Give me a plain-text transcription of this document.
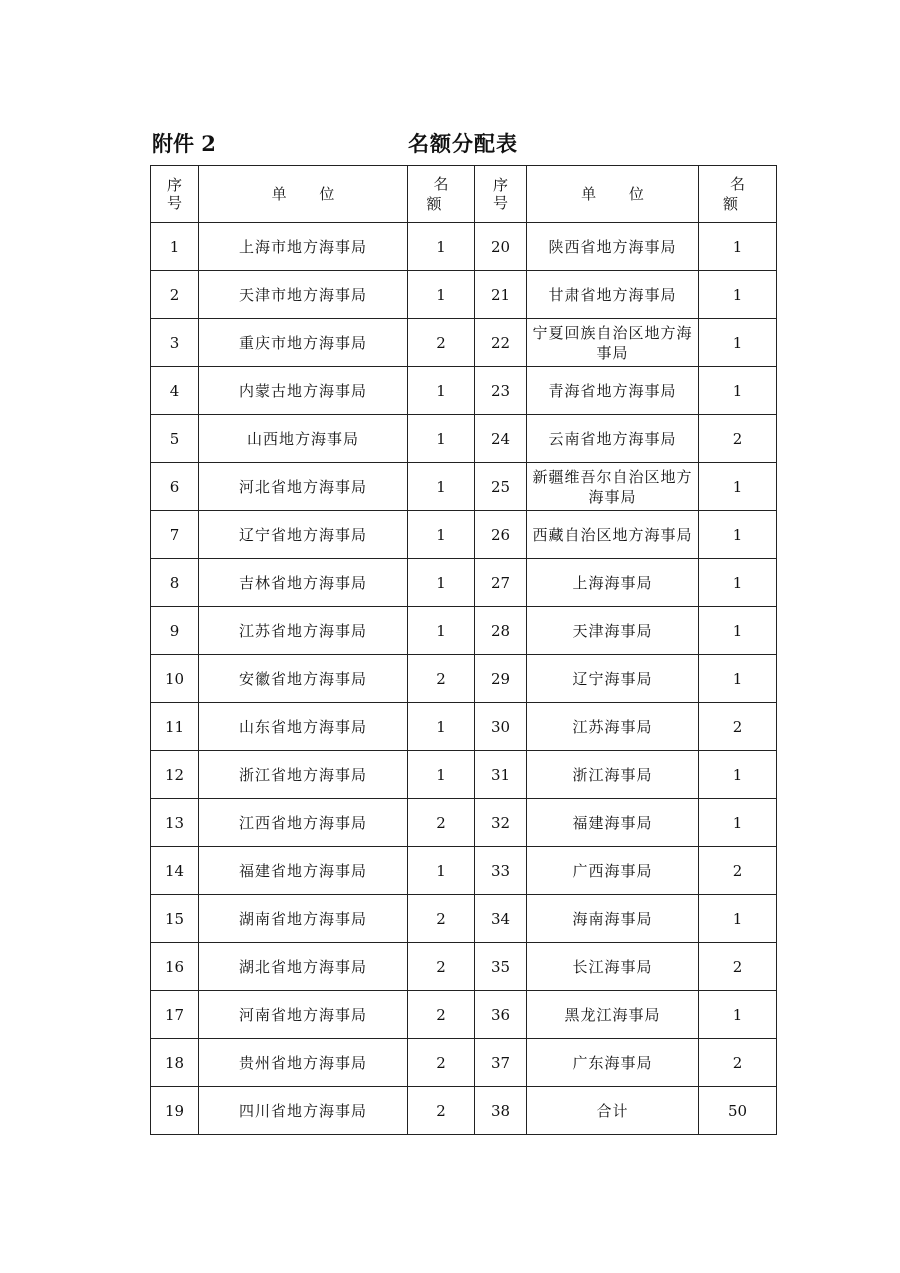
附件 2	名额分配表
序号	单 位	名 额	序号	单 位	名 额
1	上海市地方海事局	1	20	陕西省地方海事局	1
2	天津市地方海事局	1	21	甘肃省地方海事局	1
3	重庆市地方海事局	2	22	宁夏回族自治区地方海事局	1
4	内蒙古地方海事局	1	23	青海省地方海事局	1
5	山西地方海事局	1	24	云南省地方海事局	2
6	河北省地方海事局	1	25	新疆维吾尔自治区地方海事局	1
7	辽宁省地方海事局	1	26	西藏自治区地方海事局	1
8	吉林省地方海事局	1	27	上海海事局	1
9	江苏省地方海事局	1	28	天津海事局	1
10	安徽省地方海事局	2	29	辽宁海事局	1
11	山东省地方海事局	1	30	江苏海事局	2
12	浙江省地方海事局	1	31	浙江海事局	1
13	江西省地方海事局	2	32	福建海事局	1
14	福建省地方海事局	1	33	广西海事局	2
15	湖南省地方海事局	2	34	海南海事局	1
16	湖北省地方海事局	2	35	长江海事局	2
17	河南省地方海事局	2	36	黑龙江海事局	1
18	贵州省地方海事局	2	37	广东海事局	2
19	四川省地方海事局	2	38	合计	50
